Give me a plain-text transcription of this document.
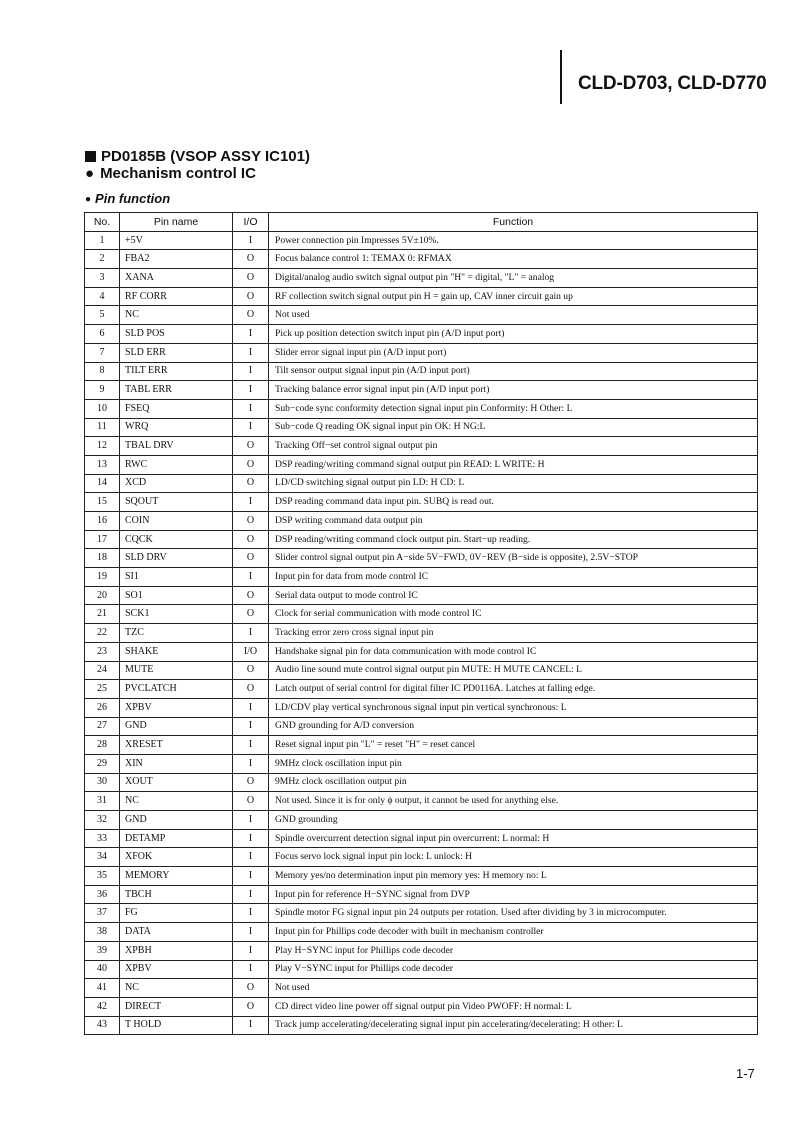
CLD-D703, CLD-D770
PD0185B (VSOP ASSY IC101)
● Mechanism control IC
● Pin function
No.	Pin name	I/O	Function
1	+5V	I	Power connection pin Impresses 5V±10%.
2	FBA2	O	Focus balance control 1: TEMAX 0: RFMAX
3	XANA	O	Digital/analog audio switch signal output pin "H" = digital, "L" = analog
4	RF CORR	O	RF collection switch signal output pin H = gain up, CAV inner circuit gain up
5	NC	O	Not used
6	SLD POS	I	Pick up position detection switch input pin (A/D input port)
7	SLD ERR	I	Slider error signal input pin (A/D input port)
8	TILT ERR	I	Tilt sensor output signal input pin (A/D input port)
9	TABL ERR	I	Tracking balance error signal input pin (A/D input port)
10	FSEQ	I	Sub−code sync conformity detection signal input pin Conformity: H Other: L
11	WRQ	I	Sub−code Q reading OK signal input pin OK: H NG:L
12	TBAL DRV	O	Tracking Off−set control signal output pin
13	RWC	O	DSP reading/writing command signal output pin READ: L WRITE: H
14	XCD	O	LD/CD switching signal output pin LD: H CD: L
15	SQOUT	I	DSP reading command data input pin. SUBQ is read out.
16	COIN	O	DSP writing command data output pin
17	CQCK	O	DSP reading/writing command clock output pin. Start−up reading.
18	SLD DRV	O	Slider control signal output pin A−side 5V−FWD, 0V−REV (B−side is opposite), 2.5V−STOP
19	SI1	I	Input pin for data from mode control IC
20	SO1	O	Serial data output to mode control IC
21	SCK1	O	Clock for serial communication with mode control IC
22	TZC	I	Tracking error zero cross signal input pin
23	SHAKE	I/O	Handshake signal pin for data communication with mode control IC
24	MUTE	O	Audio line sound mute control signal output pin MUTE: H MUTE CANCEL: L
25	PVCLATCH	O	Latch output of serial control for digital filter IC PD0116A. Latches at falling edge.
26	XPBV	I	LD/CDV play vertical synchronous signal input pin vertical synchronous: L
27	GND	I	GND grounding for A/D conversion
28	XRESET	I	Reset signal input pin "L" = reset "H" = reset cancel
29	XIN	I	9MHz clock oscillation input pin
30	XOUT	O	9MHz clock oscillation output pin
31	NC	O	Not used. Since it is for only ϕ output, it cannot be used for anything else.
32	GND	I	GND grounding
33	DETAMP	I	Spindle overcurrent detection signal input pin overcurrent: L normal: H
34	XFOK	I	Focus servo lock signal input pin lock: L unlock: H
35	MEMORY	I	Memory yes/no determination input pin memory yes: H memory no: L
36	TBCH	I	Input pin for reference H−SYNC signal from DVP
37	FG	I	Spindle motor FG signal input pin 24 outputs per rotation. Used after dividing by 3 in microcomputer.
38	DATA	I	Input pin for Phillips code decoder with built in mechanism controller
39	XPBH	I	Play H−SYNC input for Phillips code decoder
40	XPBV	I	Play V−SYNC input for Phillips code decoder
41	NC	O	Not used
42	DIRECT	O	CD direct video line power off signal output pin Video PWOFF: H normal: L
43	T HOLD	I	Track jump accelerating/decelerating signal input pin accelerating/decelerating: H other: L
1-7
